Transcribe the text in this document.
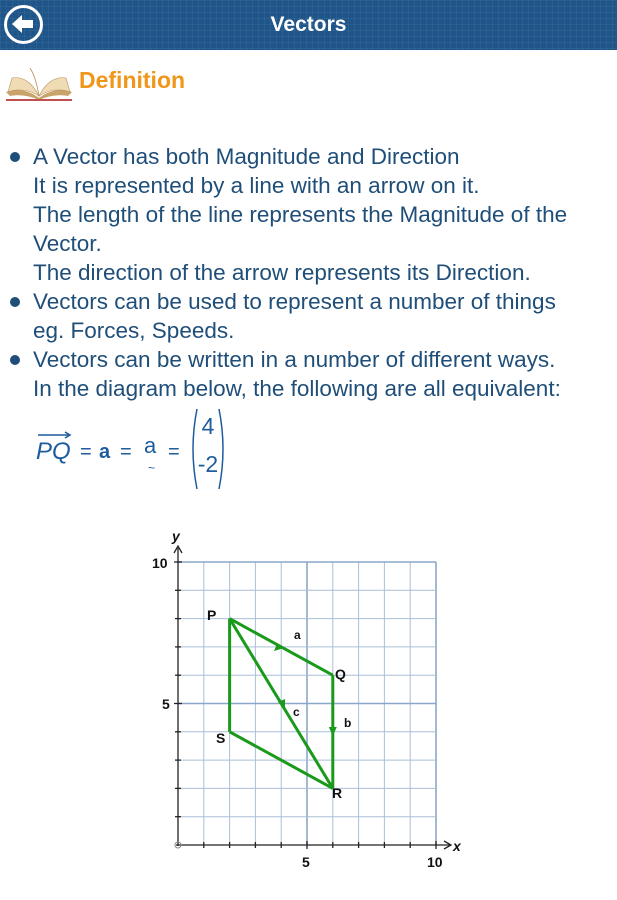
Vectors
Definition
A Vector has both Magnitude and Direction
It is represented by a line with an arrow on it.
The length of the line represents the Magnitude of the
Vector.
The direction of the arrow represents its Direction.
Vectors can be used to represent a number of things
eg. Forces, Speeds.
Vectors can be written in a number of different ways.
In the diagram below, the following are all equivalent:
PQ = a = a
~
=
4
-2
y
x
10
5
5	10
P
Q
R
S
a
b
c
